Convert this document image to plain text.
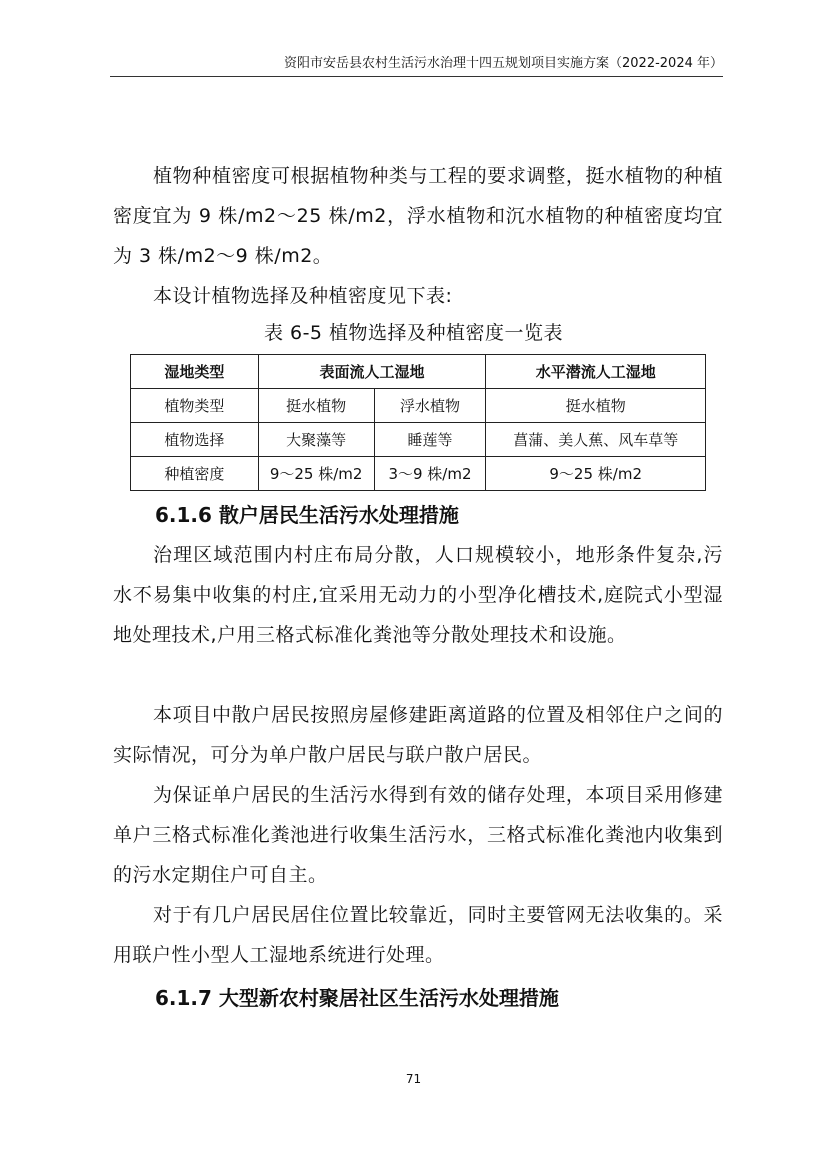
资阳市安岳县农村生活污水治理十四五规划项目实施方案（2022-2024 年）

植物种植密度可根据植物种类与工程的要求调整，挺水植物的种植密度宜为 9 株/m2～25 株/m2，浮水植物和沉水植物的种植密度均宜为 3 株/m2～9 株/m2。

本设计植物选择及种植密度见下表:

表 6-5 植物选择及种植密度一览表
湿地类型	表面流人工湿地		水平潜流人工湿地
植物类型	挺水植物	浮水植物	挺水植物
植物选择	大聚藻等	睡莲等	菖蒲、美人蕉、风车草等
种植密度	9～25 株/m2	3～9 株/m2	9～25 株/m2
6.1.6 散户居民生活污水处理措施

治理区域范围内村庄布局分散，人口规模较小，地形条件复杂,污水不易集中收集的村庄,宜采用无动力的小型净化槽技术,庭院式小型湿地处理技术,户用三格式标准化粪池等分散处理技术和设施。

本项目中散户居民按照房屋修建距离道路的位置及相邻住户之间的实际情况，可分为单户散户居民与联户散户居民。

为保证单户居民的生活污水得到有效的储存处理，本项目采用修建单户三格式标准化粪池进行收集生活污水，三格式标准化粪池内收集到的污水定期住户可自主。

对于有几户居民居住位置比较靠近，同时主要管网无法收集的。采用联户性小型人工湿地系统进行处理。

6.1.7 大型新农村聚居社区生活污水处理措施
71
